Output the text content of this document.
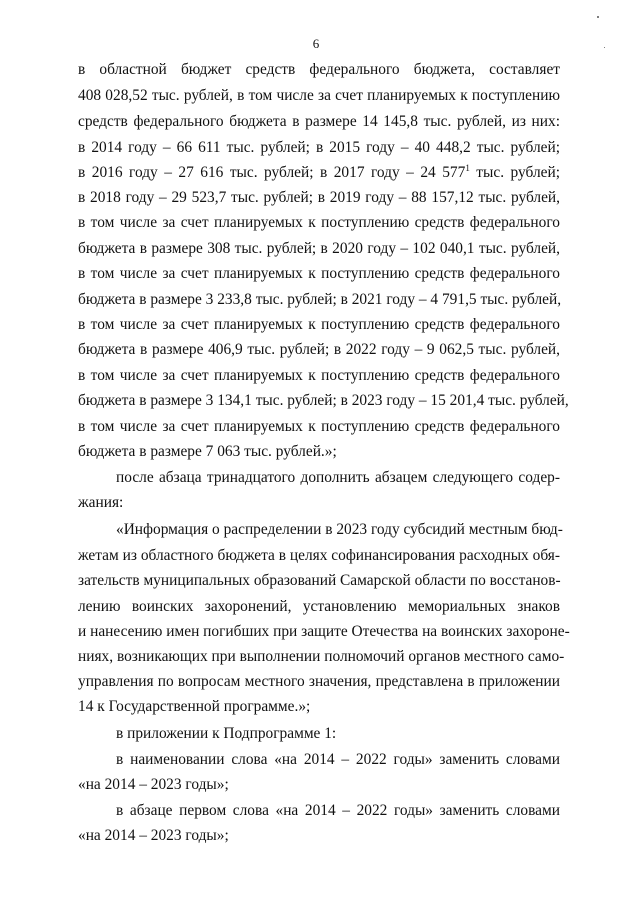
6
в областной бюджет средств федерального бюджета, составляет
408 028,52 тыс. рублей, в том числе за счет планируемых к поступлению
средств федерального бюджета в размере 14 145,8 тыс. рублей, из них:
в 2014 году – 66 611 тыс. рублей; в 2015 году – 40 448,2 тыс. рублей;
в 2016 году – 27 616 тыс. рублей; в 2017 году – 24 $577^1$ тыс. рублей;
в 2018 году – 29 523,7 тыс. рублей; в 2019 году – 88 157,12 тыс. рублей,
в том числе за счет планируемых к поступлению средств федерального
бюджета в размере 308 тыс. рублей; в 2020 году – 102 040,1 тыс. рублей,
в том числе за счет планируемых к поступлению средств федерального
бюджета в размере 3 233,8 тыс. рублей; в 2021 году – 4 791,5 тыс. рублей,
в том числе за счет планируемых к поступлению средств федерального
бюджета в размере 406,9 тыс. рублей; в 2022 году – 9 062,5 тыс. рублей,
в том числе за счет планируемых к поступлению средств федерального
бюджета в размере 3 134,1 тыс. рублей; в 2023 году – 15 201,4 тыс. рублей,
в том числе за счет планируемых к поступлению средств федерального
бюджета в размере 7 063 тыс. рублей.»;
после абзаца тринадцатого дополнить абзацем следующего содер-
жания:
«Информация о распределении в 2023 году субсидий местным бюд-
жетам из областного бюджета в целях софинансирования расходных обя-
зательств муниципальных образований Самарской области по восстанов-
лению воинских захоронений, установлению мемориальных знаков
и нанесению имен погибших при защите Отечества на воинских захороне-
ниях, возникающих при выполнении полномочий органов местного само-
управления по вопросам местного значения, представлена в приложении
14 к Государственной программе.»;
в приложении к Подпрограмме 1:
в наименовании слова «на 2014 – 2022 годы» заменить словами
«на 2014 – 2023 годы»;
в абзаце первом слова «на 2014 – 2022 годы» заменить словами
«на 2014 – 2023 годы»;
